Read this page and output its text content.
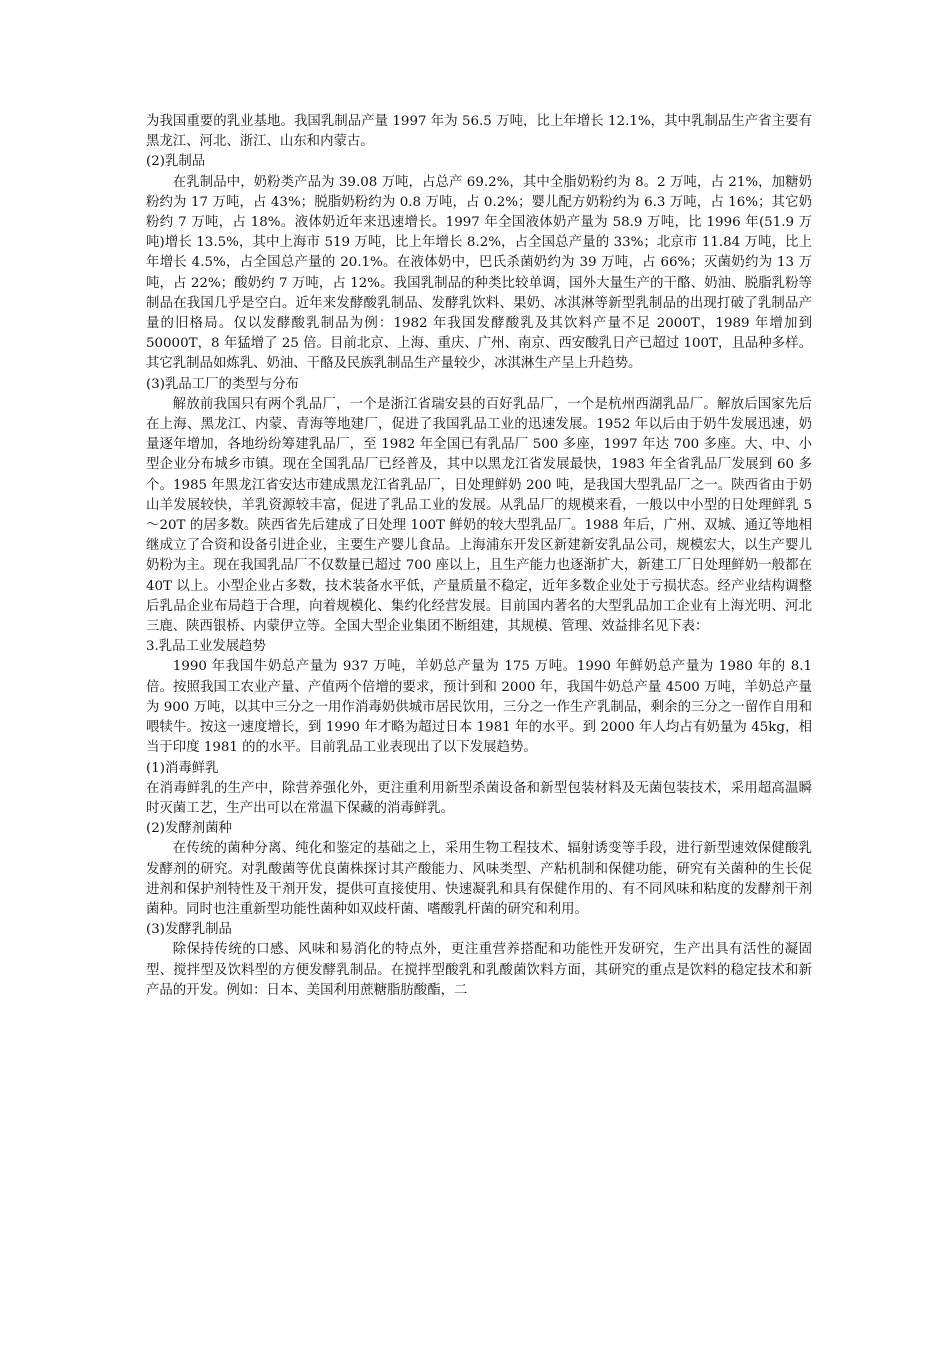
为我国重要的乳业基地。我国乳制品产量 1997 年为 56.5 万吨，比上年增长 12.1%，其中乳制品生产省主要有黑龙江、河北、浙江、山东和内蒙古。

(2)乳制品

在乳制品中，奶粉类产品为 39.08 万吨，占总产 69.2%，其中全脂奶粉约为 8。2 万吨，占 21%，加糖奶粉约为 17 万吨，占 43%；脱脂奶粉约为 0.8 万吨，占 0.2%；婴儿配方奶粉约为 6.3 万吨，占 16%；其它奶粉约 7 万吨，占 18%。液体奶近年来迅速增长。1997 年全国液体奶产量为 58.9 万吨，比 1996 年(51.9 万吨)增长 13.5%，其中上海市 519 万吨，比上年增长 8.2%，占全国总产量的 33%；北京市 11.84 万吨，比上年增长 4.5%，占全国总产量的 20.1%。在液体奶中，巴氏杀菌奶约为 39 万吨，占 66%；灭菌奶约为 13 万吨，占 22%；酸奶约 7 万吨，占 12%。我国乳制品的种类比较单调，国外大量生产的干酪、奶油、脱脂乳粉等制品在我国几乎是空白。近年来发酵酸乳制品、发酵乳饮料、果奶、冰淇淋等新型乳制品的出现打破了乳制品产量的旧格局。仅以发酵酸乳制品为例：1982 年我国发酵酸乳及其饮料产量不足 2000T，1989 年增加到 50000T，8 年猛增了 25 倍。目前北京、上海、重庆、广州、南京、西安酸乳日产已超过 100T，且品种多样。其它乳制品如炼乳、奶油、干酪及民族乳制品生产量较少，冰淇淋生产呈上升趋势。

(3)乳品工厂的类型与分布

解放前我国只有两个乳品厂，一个是浙江省瑞安县的百好乳品厂，一个是杭州西湖乳品厂。解放后国家先后在上海、黑龙江、内蒙、青海等地建厂，促进了我国乳品工业的迅速发展。1952 年以后由于奶牛发展迅速，奶量逐年增加，各地纷纷筹建乳品厂，至 1982 年全国已有乳品厂 500 多座，1997 年达 700 多座。大、中、小型企业分布城乡市镇。现在全国乳品厂已经普及，其中以黑龙江省发展最快，1983 年全省乳品厂发展到 60 多个。1985 年黑龙江省安达市建成黑龙江省乳品厂，日处理鲜奶 200 吨，是我国大型乳品厂之一。陕西省由于奶山羊发展较快，羊乳资源较丰富，促进了乳品工业的发展。从乳品厂的规模来看，一般以中小型的日处理鲜乳 5～20T 的居多数。陕西省先后建成了日处理 100T 鲜奶的较大型乳品厂。1988 年后，广州、双城、通辽等地相继成立了合资和设备引进企业，主要生产婴儿食品。上海浦东开发区新建新安乳品公司，规模宏大，以生产婴儿奶粉为主。现在我国乳品厂不仅数量已超过 700 座以上，且生产能力也逐渐扩大，新建工厂日处理鲜奶一般都在 40T 以上。小型企业占多数，技术装备水平低，产量质量不稳定，近年多数企业处于亏损状态。经产业结构调整后乳品企业布局趋于合理，向着规模化、集约化经营发展。目前国内著名的大型乳品加工企业有上海光明、河北三鹿、陕西银桥、内蒙伊立等。全国大型企业集团不断组建，其规模、管理、效益排名见下表：

3.乳品工业发展趋势

1990 年我国牛奶总产量为 937 万吨，羊奶总产量为 175 万吨。1990 年鲜奶总产量为 1980 年的 8.1 倍。按照我国工农业产量、产值两个倍增的要求，预计到和 2000 年，我国牛奶总产量 4500 万吨，羊奶总产量为 900 万吨，以其中三分之一用作消毒奶供城市居民饮用，三分之一作生产乳制品，剩余的三分之一留作自用和喂犊牛。按这一速度增长，到 1990 年才略为超过日本 1981 年的水平。到 2000 年人均占有奶量为 45kg，相当于印度 1981 的的水平。目前乳品工业表现出了以下发展趋势。

(1)消毒鲜乳

在消毒鲜乳的生产中，除营养强化外，更注重利用新型杀菌设备和新型包装材料及无菌包装技术，采用超高温瞬时灭菌工艺，生产出可以在常温下保藏的消毒鲜乳。

(2)发酵剂菌种

在传统的菌种分离、纯化和鉴定的基础之上，采用生物工程技术、辐射诱变等手段，进行新型速效保健酸乳发酵剂的研究。对乳酸菌等优良菌株探讨其产酸能力、风味类型、产粘机制和保健功能，研究有关菌种的生长促进剂和保护剂特性及干剂开发，提供可直接使用、快速凝乳和具有保健作用的、有不同风味和粘度的发酵剂干剂菌种。同时也注重新型功能性菌种如双歧杆菌、嗜酸乳杆菌的研究和利用。

(3)发酵乳制品

除保持传统的口感、风味和易消化的特点外，更注重营养搭配和功能性开发研究，生产出具有活性的凝固型、搅拌型及饮料型的方便发酵乳制品。在搅拌型酸乳和乳酸菌饮料方面，其研究的重点是饮料的稳定技术和新产品的开发。例如：日本、美国利用蔗糖脂肪酸酯，二
